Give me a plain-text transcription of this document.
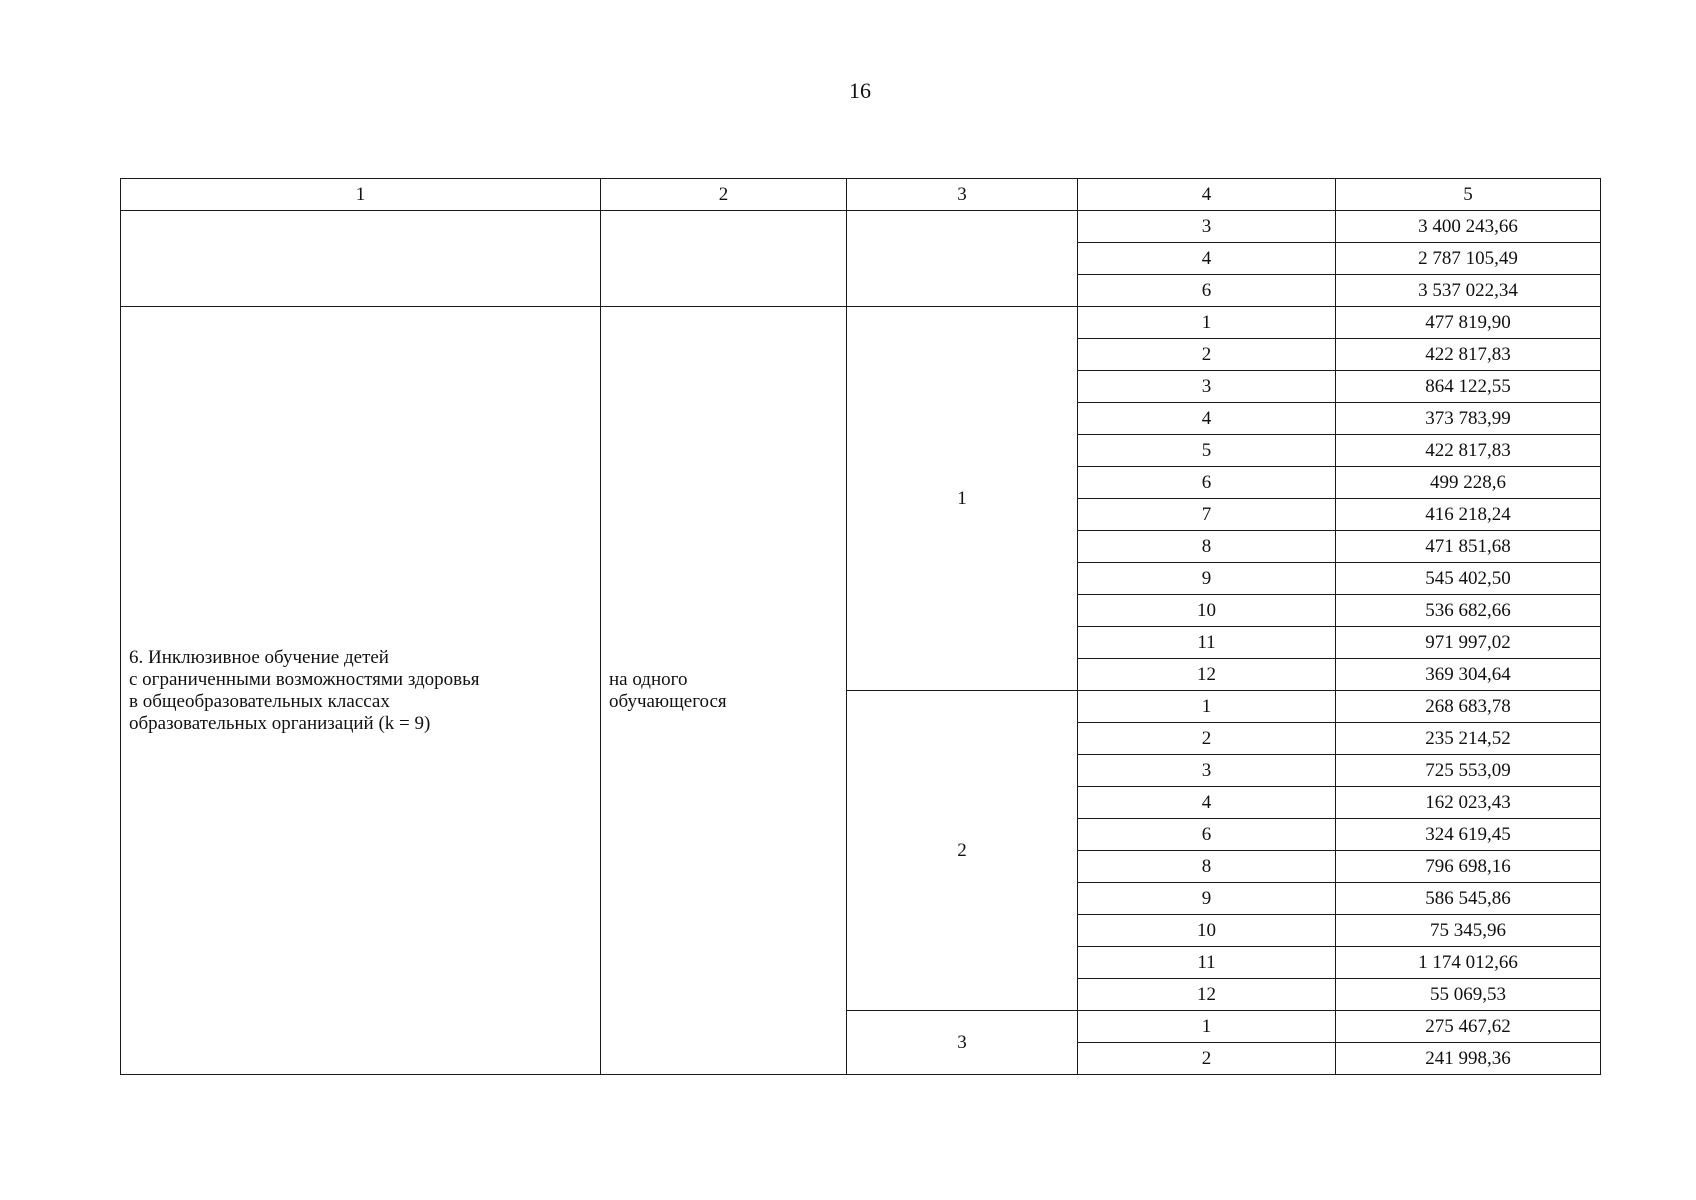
16
1	2	3	4	5
			3	3 400 243,66
			4	2 787 105,49
			6	3 537 022,34
6. Инклюзивное обучение детей
с ограниченными возможностями здоровья
в общеобразовательных классах
образовательных организаций (k = 9)	на одного
обучающегося	1	1	477 819,90
			2	422 817,83
			3	864 122,55
			4	373 783,99
			5	422 817,83
			6	499 228,6
			7	416 218,24
			8	471 851,68
			9	545 402,50
			10	536 682,66
			11	971 997,02
			12	369 304,64
		2	1	268 683,78
			2	235 214,52
			3	725 553,09
			4	162 023,43
			6	324 619,45
			8	796 698,16
			9	586 545,86
			10	75 345,96
			11	1 174 012,66
			12	55 069,53
		3	1	275 467,62
			2	241 998,36
